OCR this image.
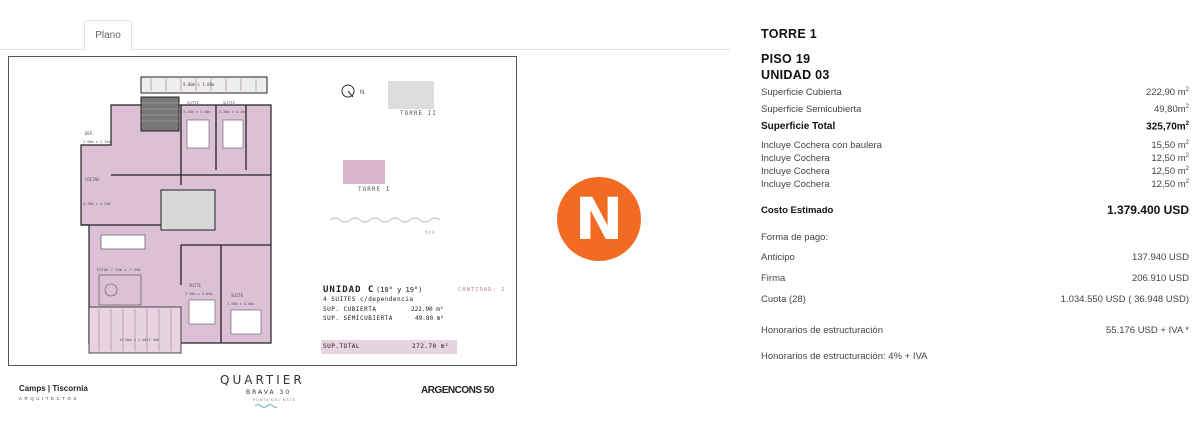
Plano
9.00m x 1.00m
SUITE
3.25m x 3.40m
SUITE
3.30m x 3.40m
DEP.
2.90m x 2.15m
COCINA
3.70m x 4.23m
ESTAR 7.35m x 7.35m
SUITE
3.30m x 4.65m	SUITE
3.90m x 3.60m
14.90m x 2.40/1.40m
N
TORRE II
TORRE I
MAR
UNIDAD C (18° y 19°)	CANTIDAD: 2
4 SUITES c/dependencia
SUP. CUBIERTA	222.90 m²
SUP. SEMICUBIERTA	49.80 m²
SUP.TOTAL	272.70 m²
Camps | Tiscornia
ARQUITECTOS
QUARTIER
BRAVA 30
PUNTA DEL ESTE
ARGENCONS 50
N
TORRE 1
PISO 19
UNIDAD 03
Superficie Cubierta	222,90 $m^2$
Superficie Semicubierta	$49,80m^2$
Superficie Total	$325,70m^2$
Incluye Cochera con baulera	15,50 $m^2$
Incluye Cochera	12,50 $m^2$
Incluye Cochera	12,50 $m^2$
Incluye Cochera	12,50 $m^2$
Costo Estimado	1.379.400 USD
Forma de pago:
Anticipo	137.940 USD
Firma	206.910 USD
Cuota (28)	1.034.550 USD ( 36.948 USD)
Honorarios de estructuración	55.176 USD + IVA *
Honorarios de estructuración: 4% + IVA
